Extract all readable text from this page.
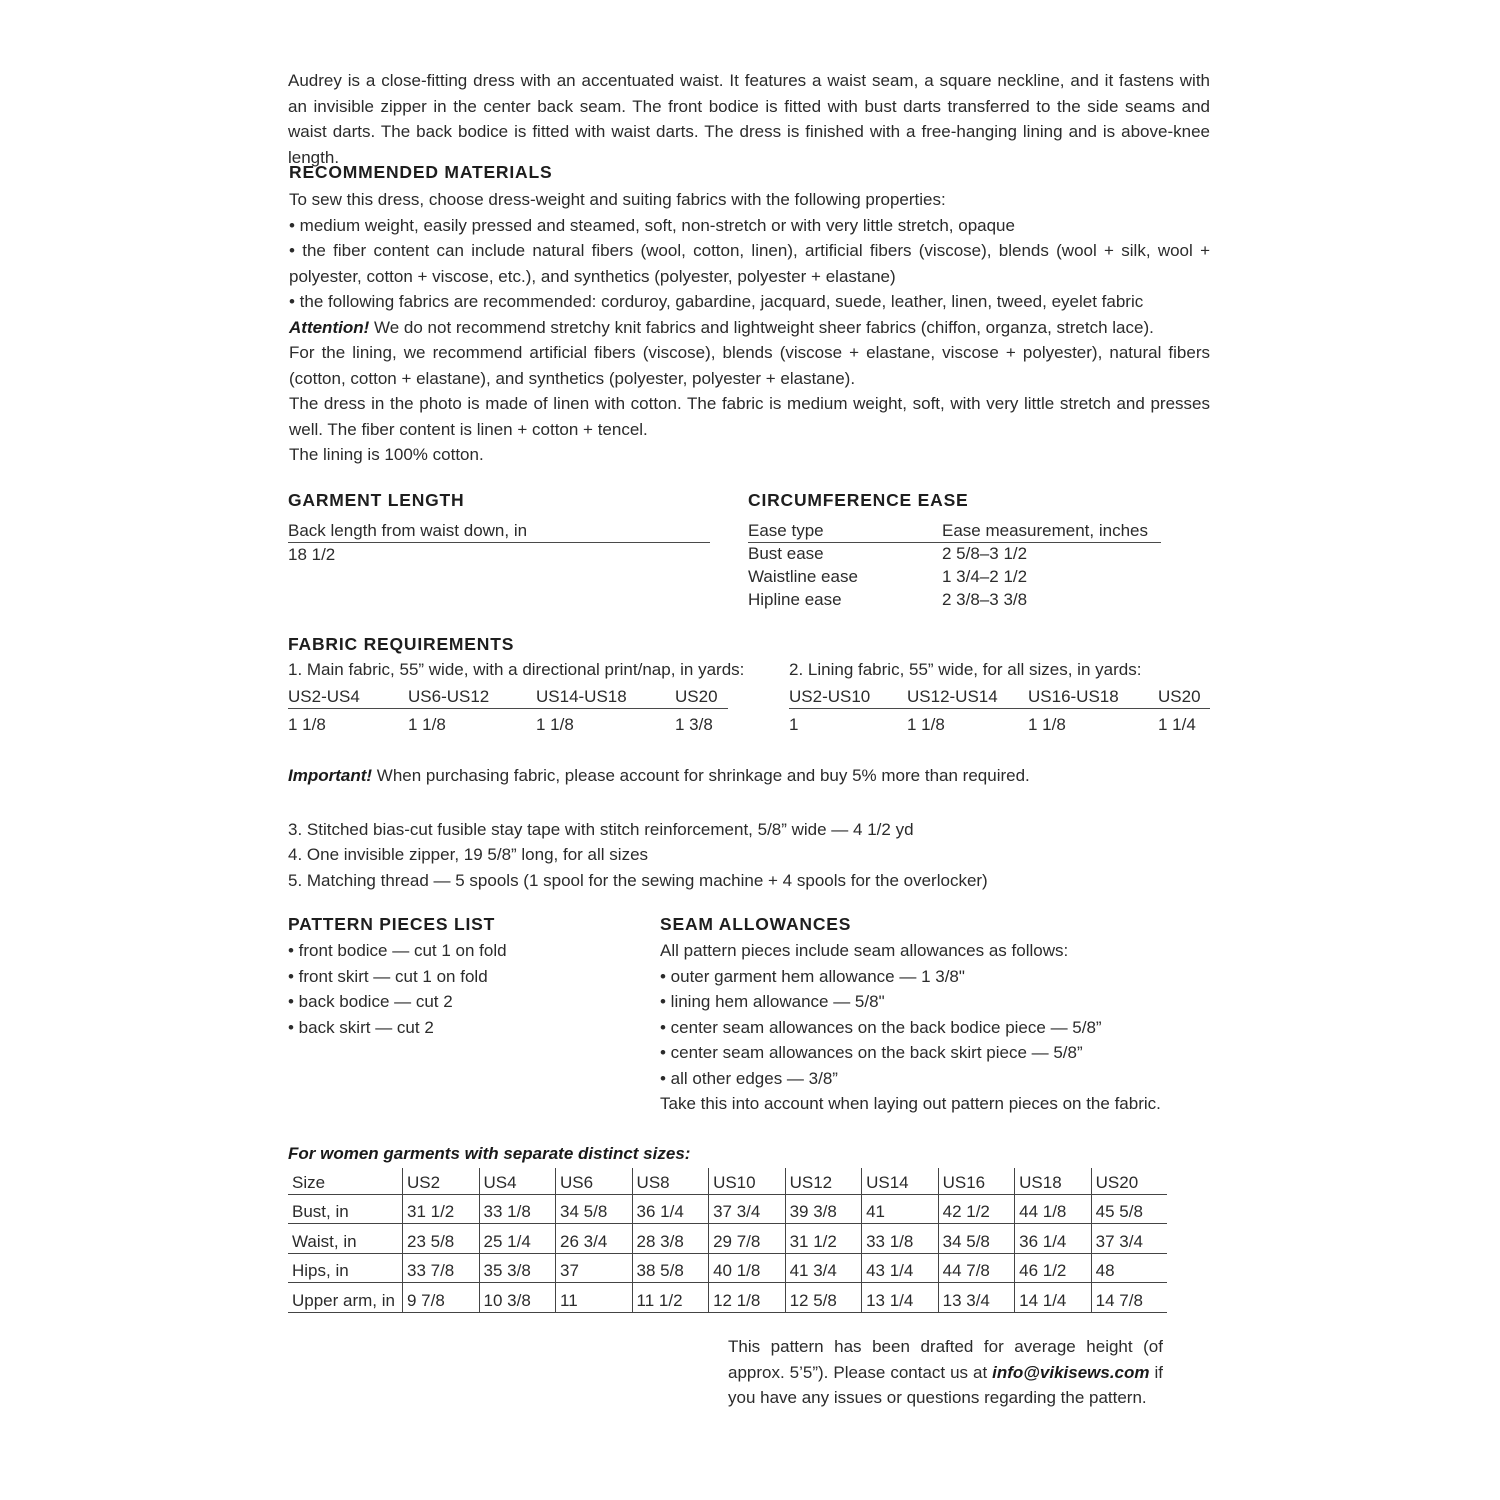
Audrey is a close-fitting dress with an accentuated waist. It features a waist seam, a square neckline, and it fastens with an invisible zipper in the center back seam. The front bodice is fitted with bust darts transferred to the side seams and waist darts. The back bodice is fitted with waist darts. The dress is finished with a free-hanging lining and is above-knee length.

RECOMMENDED MATERIALS

To sew this dress, choose dress-weight and suiting fabrics with the following properties:

• medium weight, easily pressed and steamed, soft, non-stretch or with very little stretch, opaque

• the fiber content can include natural fibers (wool, cotton, linen), artificial fibers (viscose), blends (wool + silk, wool + polyester, cotton + viscose, etc.), and synthetics (polyester, polyester + elastane)

• the following fabrics are recommended: corduroy, gabardine, jacquard, suede, leather, linen, tweed, eyelet fabric

Attention! We do not recommend stretchy knit fabrics and lightweight sheer fabrics (chiffon, organza, stretch lace).

For the lining, we recommend artificial fibers (viscose), blends (viscose + elastane, viscose + polyester), natural fibers (cotton, cotton + elastane), and synthetics (polyester, polyester + elastane).

The dress in the photo is made of linen with cotton. The fabric is medium weight, soft, with very little stretch and presses well. The fiber content is linen + cotton + tencel.

The lining is 100% cotton.

GARMENT LENGTH
Back length from waist down, in
18 1/2
CIRCUMFERENCE EASE
Ease type	Ease measurement, inches
Bust ease	2 5/8–3 1/2
Waistline ease	1 3/4–2 1/2
Hipline ease	2 3/8–3 3/8
FABRIC REQUIREMENTS
1. Main fabric, 55” wide, with a directional print/nap, in yards:	2. Lining fabric, 55” wide, for all sizes, in yards:
US2-US4	US6-US12	US14-US18	US20
1 1/8	1 1/8	1 1/8	1 3/8
US2-US10 US12-US14 US16-US18 US20
1	1 1/8	1 1/8	1 1/4
Important! When purchasing fabric, please account for shrinkage and buy 5% more than required.
3. Stitched bias-cut fusible stay tape with stitch reinforcement, 5/8” wide — 4 1/2 yd
4. One invisible zipper, 19 5/8” long, for all sizes
5. Matching thread — 5 spools (1 spool for the sewing machine + 4 spools for the overlocker)
PATTERN PIECES LIST
• front bodice — cut 1 on fold
• front skirt — cut 1 on fold
• back bodice — cut 2
• back skirt — cut 2
SEAM ALLOWANCES
All pattern pieces include seam allowances as follows:
• outer garment hem allowance — 1 3/8"
• lining hem allowance — 5/8"
• center seam allowances on the back bodice piece — 5/8”
• center seam allowances on the back skirt piece — 5/8”
• all other edges — 3/8”
Take this into account when laying out pattern pieces on the fabric.
For women garments with separate distinct sizes:
Size	US2	US4	US6	US8	US10	US12	US14	US16	US18	US20
Bust, in	31 1/2	33 1/8	34 5/8	36 1/4	37 3/4	39 3/8	41	42 1/2	44 1/8	45 5/8
Waist, in	23 5/8	25 1/4	26 3/4	28 3/8	29 7/8	31 1/2	33 1/8	34 5/8	36 1/4	37 3/4
Hips, in	33 7/8	35 3/8	37	38 5/8	40 1/8	41 3/4	43 1/4	44 7/8	46 1/2	48
Upper arm, in	9 7/8	10 3/8	11	11 1/2	12 1/8	12 5/8	13 1/4	13 3/4	14 1/4	14 7/8

This pattern has been drafted for average height (of approx. 5’5”). Please contact us at info@vikisews.com if you have any issues or questions regarding the pattern.
